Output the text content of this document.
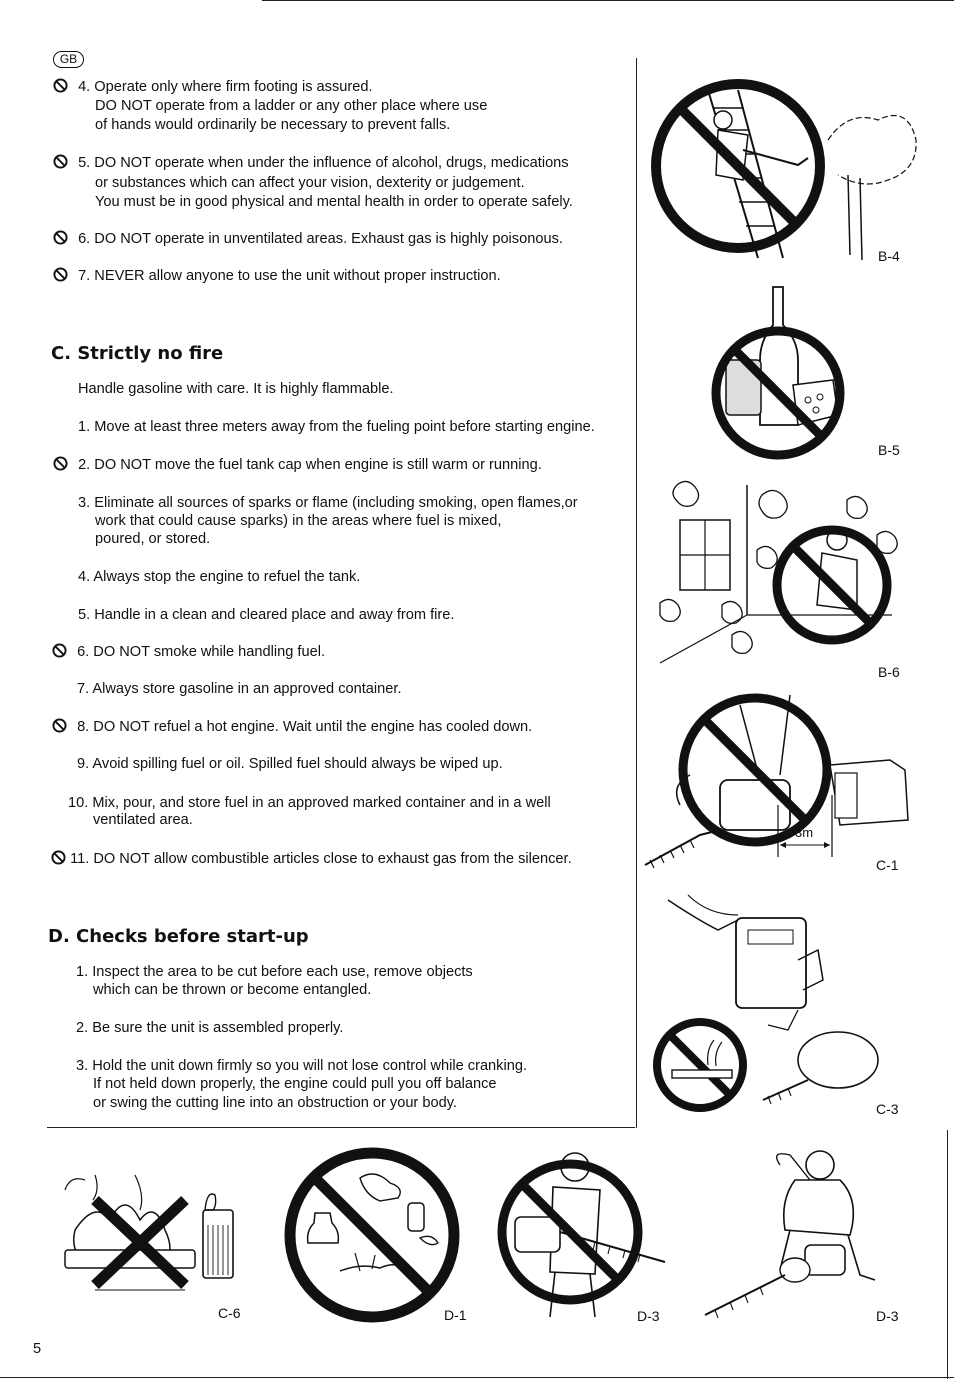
GB
4. Operate only where firm footing is assured.
DO NOT operate from a ladder or any other place where use
of hands would ordinarily be necessary to prevent falls.
5. DO NOT operate when under the influence of alcohol, drugs, medications
or substances which can affect your vision, dexterity or judgement.
You must be in good physical and mental health in order to operate safely.
6. DO NOT operate in unventilated areas. Exhaust gas is highly poisonous.
7. NEVER allow anyone to use the unit without proper instruction.
C. Strictly no fire
Handle gasoline with care. It is highly flammable.
1. Move at least three meters away from the fueling point before starting engine.
2. DO NOT move the fuel tank cap when engine is still warm or running.
3. Eliminate all sources of sparks or flame (including smoking, open flames,or
work that could cause sparks) in the areas where fuel is mixed,
poured, or stored.
4. Always stop the engine to refuel the tank.
5. Handle in a clean and cleared place and away from fire.
6. DO NOT smoke while handling fuel.
7. Always store gasoline in an approved container.
8. DO NOT refuel a hot engine. Wait until the engine has cooled down.
9. Avoid spilling fuel or oil. Spilled fuel should always be wiped up.
10. Mix, pour, and store fuel in an approved marked container and in a well
ventilated area.
11. DO NOT allow combustible articles close to exhaust gas from the silencer.
D. Checks before start-up
1. Inspect the area to be cut before each use, remove objects
which can be thrown or become entangled.
2. Be sure the unit is assembled properly.
3. Hold the unit down firmly so you will not lose control while cranking.
If not held down properly, the engine could pull you off balance
or swing the cutting line into an obstruction or your body.
5
B-4
B-5
B-6
3m
C-1
C-3
C-6	D-1	D-3	D-3
